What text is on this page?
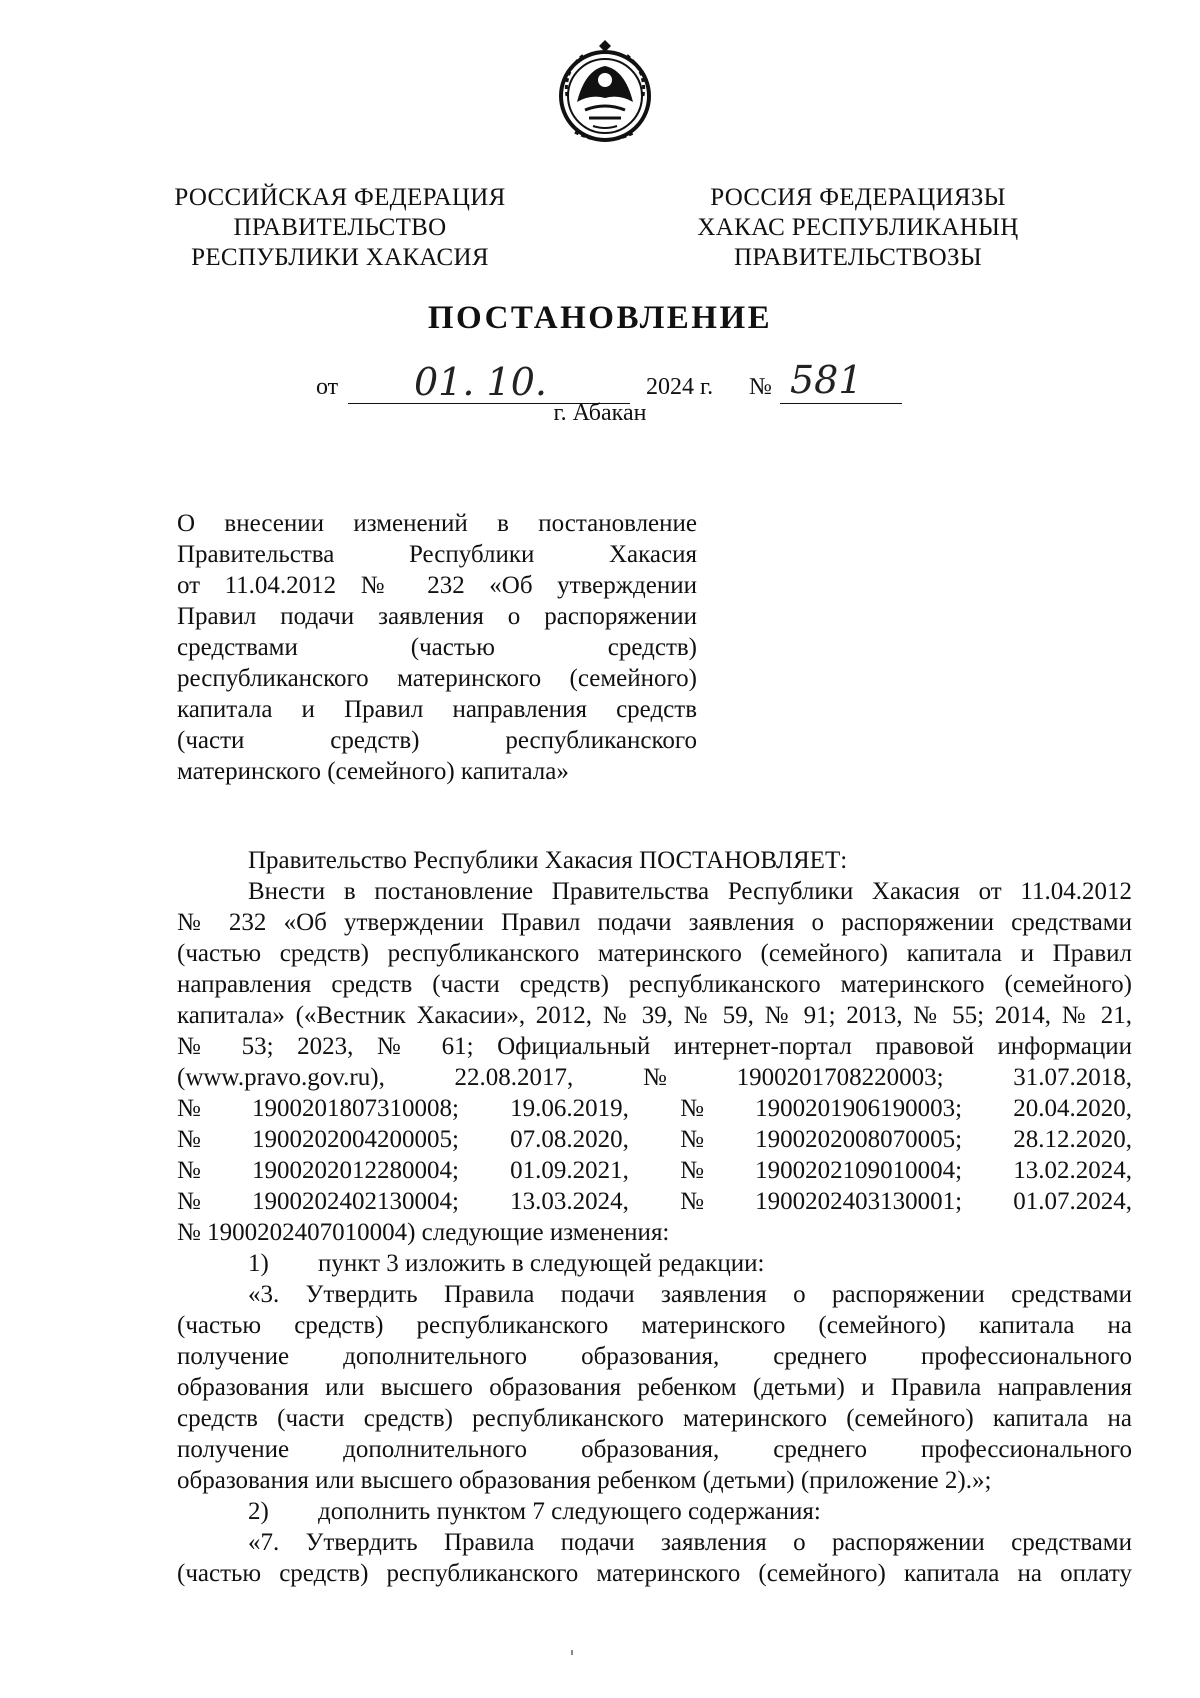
РОССИЙСКАЯ ФЕДЕРАЦИЯ
ПРАВИТЕЛЬСТВО
РЕСПУБЛИКИ ХАКАСИЯ
РОССИЯ ФЕДЕРАЦИЯЗЫ
ХАКАС РЕСПУБЛИКАНЫҢ
ПРАВИТЕЛЬСТВОЗЫ
ПОСТАНОВЛЕНИЕ
от 01. 10.	2024 г. № 581
г. Абакан
О внесении изменений в постановление
Правительства Республики Хакасия
от 11.04.2012 № 232 «Об утверждении
Правил подачи заявления о распоряжении
средствами (частью средств)
республиканского материнского (семейного)
капитала и Правил направления средств
(части средств) республиканского
материнского (семейного) капитала»
Правительство Республики Хакасия ПОСТАНОВЛЯЕТ:
Внести в постановление Правительства Республики Хакасия от 11.04.2012
№ 232 «Об утверждении Правил подачи заявления о распоряжении средствами
(частью средств) республиканского материнского (семейного) капитала и Правил
направления средств (части средств) республиканского материнского (семейного)
капитала» («Вестник Хакасии», 2012, № 39, № 59, № 91; 2013, № 55; 2014, № 21,
№ 53; 2023, № 61; Официальный интернет-портал правовой информации
(www.pravo.gov.ru),	22.08.2017,	№	1900201708220003;	31.07.2018,
№ 1900201807310008; 19.06.2019, № 1900201906190003; 20.04.2020,
№ 1900202004200005; 07.08.2020, № 1900202008070005; 28.12.2020,
№ 1900202012280004; 01.09.2021, № 1900202109010004; 13.02.2024,
№ 1900202402130004; 13.03.2024, № 1900202403130001; 01.07.2024,
№ 1900202407010004) следующие изменения:
1) пункт 3 изложить в следующей редакции:
«3. Утвердить Правила подачи заявления о распоряжении средствами
(частью средств) республиканского материнского (семейного) капитала на
получение дополнительного образования, среднего профессионального
образования или высшего образования ребенком (детьми) и Правила направления
средств (части средств) республиканского материнского (семейного) капитала на
получение дополнительного образования, среднего профессионального
образования или высшего образования ребенком (детьми) (приложение 2).»;
2) дополнить пунктом 7 следующего содержания:
«7. Утвердить Правила подачи заявления о распоряжении средствами
(частью средств) республиканского материнского (семейного) капитала на оплату
